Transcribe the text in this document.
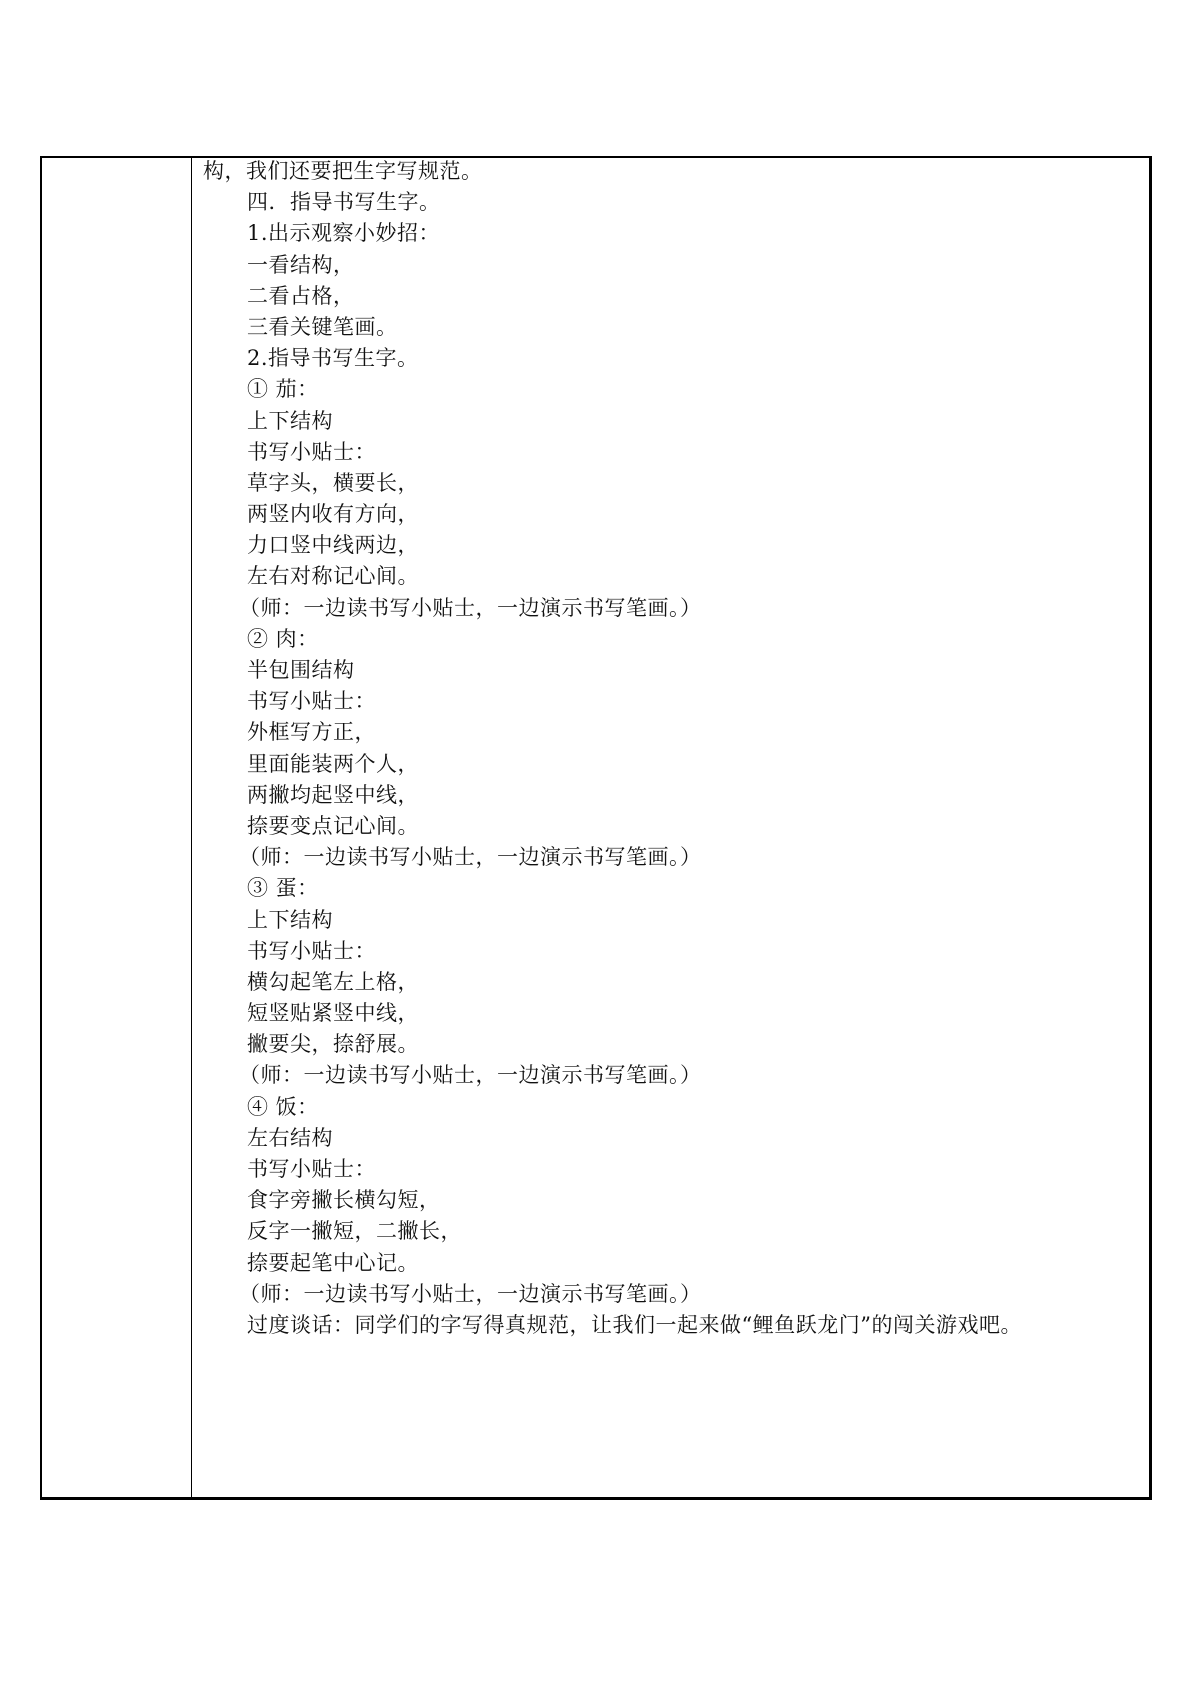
构，我们还要把生字写规范。
四．指导书写生字。
1.出示观察小妙招：
一看结构，
二看占格，
三看关键笔画。
2.指导书写生字。
① 茄：
上下结构
书写小贴士：
草字头，横要长，
两竖内收有方向，
力口竖中线两边，
左右对称记心间。
（师：一边读书写小贴士，一边演示书写笔画。）
② 肉：
半包围结构
书写小贴士：
外框写方正，
里面能装两个人，
两撇均起竖中线，
捺要变点记心间。
（师：一边读书写小贴士，一边演示书写笔画。）
③ 蛋：
上下结构
书写小贴士：
横勾起笔左上格，
短竖贴紧竖中线，
撇要尖，捺舒展。
（师：一边读书写小贴士，一边演示书写笔画。）
④ 饭：
左右结构
书写小贴士：
食字旁撇长横勾短，
反字一撇短，二撇长，
捺要起笔中心记。
（师：一边读书写小贴士，一边演示书写笔画。）
过度谈话：同学们的字写得真规范，让我们一起来做“鲤鱼跃龙门”的闯关游戏吧。
